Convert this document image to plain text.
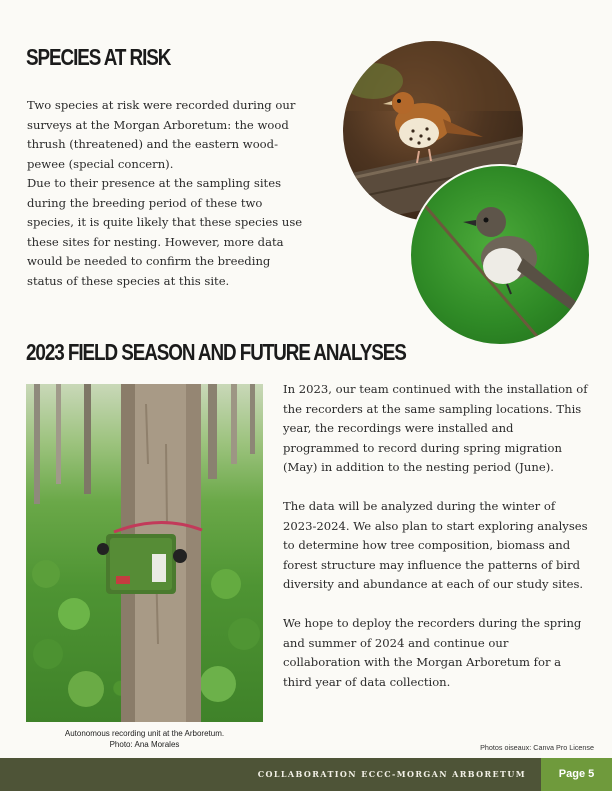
SPECIES AT RISK
Two species at risk were recorded during our surveys at the Morgan Arboretum: the wood thrush (threatened) and the eastern wood-pewee (special concern).
Due to their presence at the sampling sites during the breeding period of these two species, it is quite likely that these species use these sites for nesting. However, more data would be needed to confirm the breeding status of these species at this site.
2023 FIELD SEASON AND FUTURE ANALYSES
In 2023, our team continued with the installation of the recorders at the same sampling locations. This year, the recordings were installed and programmed to record during spring migration (May) in addition to the nesting period (June).
The data will be analyzed during the winter of 2023-2024. We also plan to start exploring analyses to determine how tree composition, biomass and forest structure may influence the patterns of bird diversity and abundance at each of our study sites.
We hope to deploy the recorders during the spring and summer of 2024 and continue our collaboration with the Morgan Arboretum for a third year of data collection.

Autonomous recording unit at the Arboretum.
Photo: Ana Morales	Photos oiseaux: Canva Pro License

COLLABORATION ECCC-MORGAN ARBORETUM	Page 5
